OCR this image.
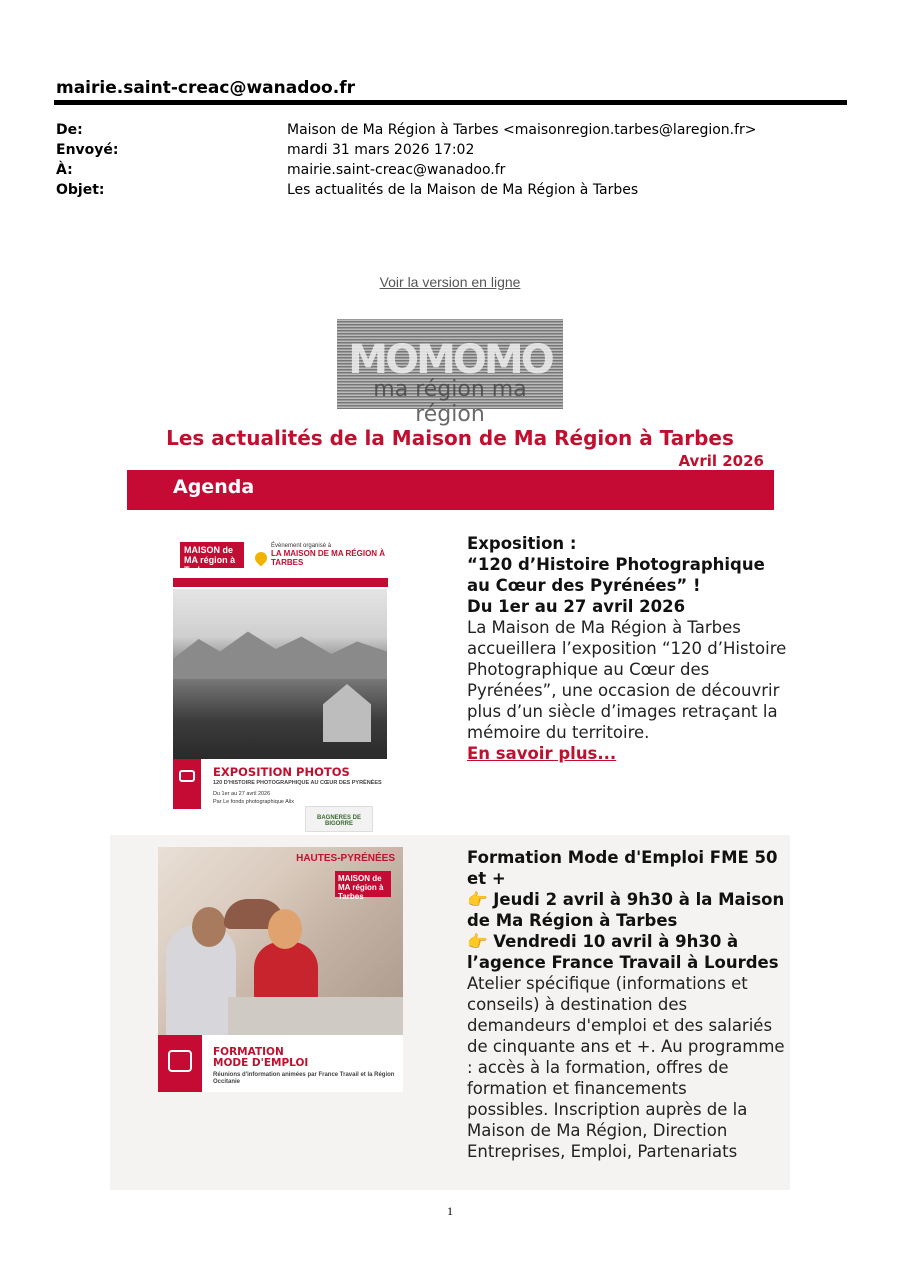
mairie.saint-creac@wanadoo.fr
De:	Maison de Ma Région à Tarbes <maisonregion.tarbes@laregion.fr>
Envoyé:	mardi 31 mars 2026 17:02
À:	mairie.saint-creac@wanadoo.fr
Objet:	Les actualités de la Maison de Ma Région à Tarbes
Voir la version en ligne
MOMOMO
ma région ma région
Les actualités de la Maison de Ma Région à Tarbes
Avril 2026
Agenda
MAISON de MA région à Tarbes
Évènement organisé à
LA MAISON DE MA RÉGION À TARBES
EXPOSITION PHOTOS
120 D'HISTOIRE PHOTOGRAPHIQUE AU CŒUR DES PYRÉNÉES
Du 1er au 27 avril 2026
Par Le fonds photographique Alix
BAGNERES DE BIGORRE
Exposition :
“120 d’Histoire Photographique au Cœur des Pyrénées” !
Du 1er au 27 avril 2026
La Maison de Ma Région à Tarbes accueillera l’exposition “120 d’Histoire Photographique au Cœur des Pyrénées”, une occasion de découvrir plus d’un siècle d’images retraçant la mémoire du territoire.
En savoir plus...
HAUTES-PYRÉNÉES
MAISON de MA région à Tarbes
FORMATION
MODE D'EMPLOI
Réunions d'information animées par France Travail et la Région Occitanie
Formation Mode d'Emploi FME 50 et +
👉 Jeudi 2 avril à 9h30 à la Maison de Ma Région à Tarbes
👉 Vendredi 10 avril à 9h30 à l’agence France Travail à Lourdes
Atelier spécifique (informations et conseils) à destination des demandeurs d'emploi et des salariés de cinquante ans et +. Au programme : accès à la formation, offres de formation et financements
possibles. Inscription auprès de la Maison de Ma Région, Direction Entreprises, Emploi, Partenariats
1
